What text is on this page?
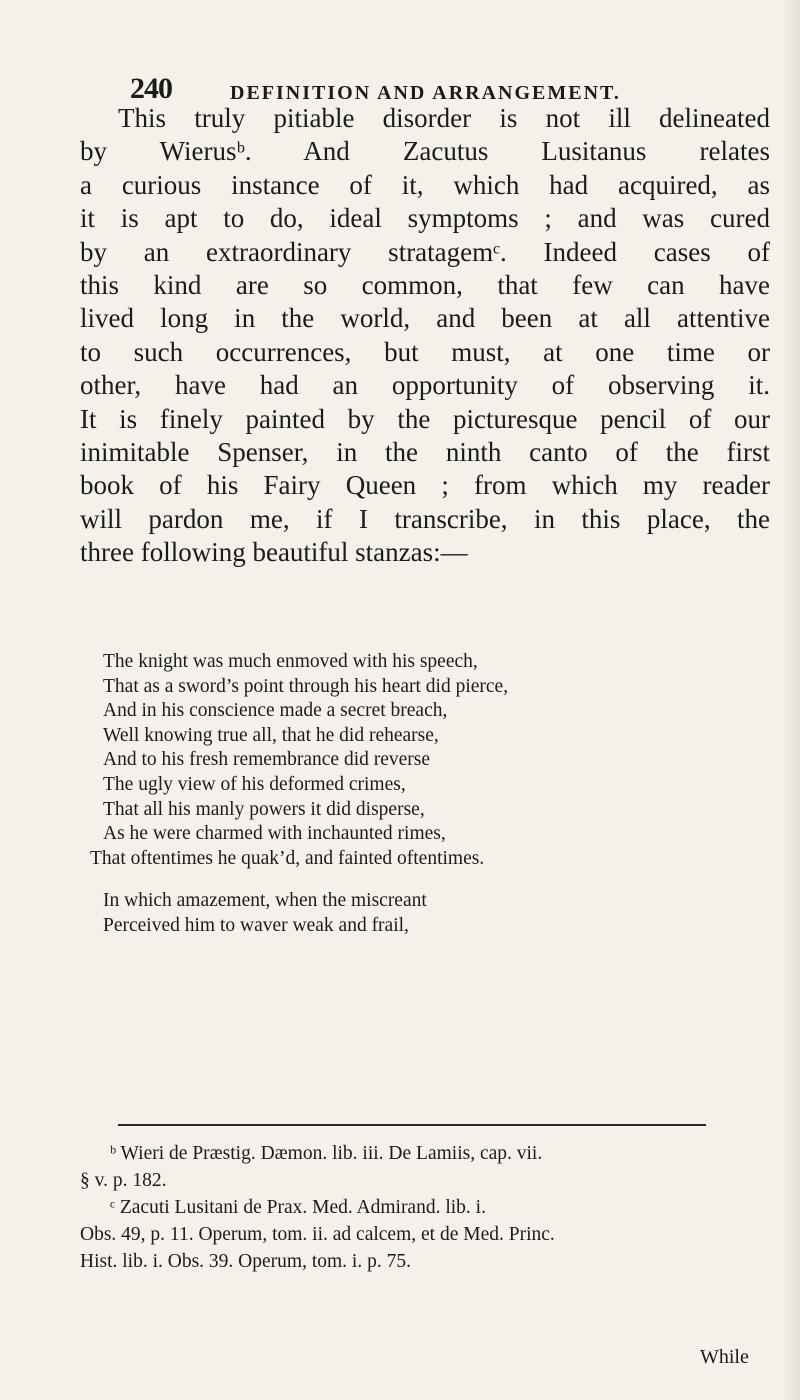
240	DEFINITION AND ARRANGEMENT.

This truly pitiable disorder is not ill delineated
by Wierusᵇ. And Zacutus Lusitanus relates
a curious instance of it, which had acquired, as
it is apt to do, ideal symptoms ; and was cured
by an extraordinary stratagemᶜ. Indeed cases of
this kind are so common, that few can have
lived long in the world, and been at all attentive
to such occurrences, but must, at one time or
other, have had an opportunity of observing it.
It is finely painted by the picturesque pencil of our
inimitable Spenser, in the ninth canto of the first
book of his Fairy Queen ; from which my reader
will pardon me, if I transcribe, in this place, the
three following beautiful stanzas:—

The knight was much enmoved with his speech,
That as a sword’s point through his heart did pierce,
And in his conscience made a secret breach,
Well knowing true all, that he did rehearse,
And to his fresh remembrance did reverse
The ugly view of his deformed crimes,
That all his manly powers it did disperse,
As he were charmed with inchaunted rimes,
That oftentimes he quak’d, and fainted oftentimes.
In which amazement, when the miscreant
Perceived him to waver weak and frail,
ᵇ Wieri de Præstig. Dæmon. lib. iii. De Lamiis, cap. vii.
§ v. p. 182.
ᶜ Zacuti Lusitani de Prax. Med. Admirand. lib. i.
Obs. 49, p. 11. Operum, tom. ii. ad calcem, et de Med. Princ.
Hist. lib. i. Obs. 39. Operum, tom. i. p. 75.
While
